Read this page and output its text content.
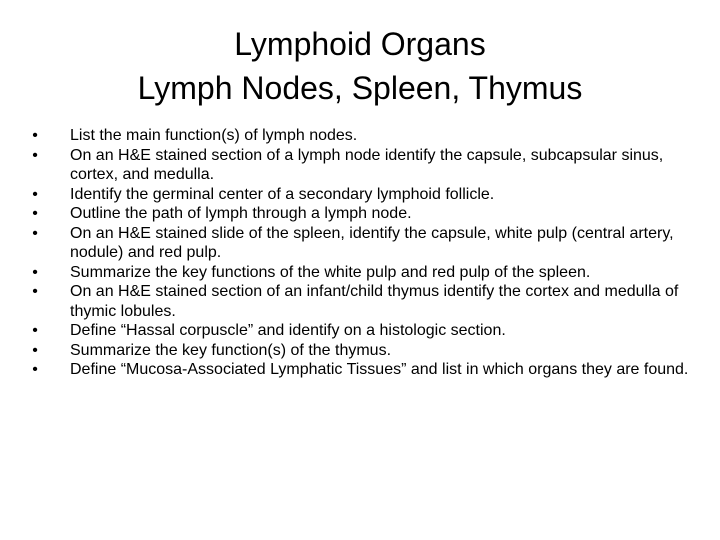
Lymphoid Organs
Lymph Nodes, Spleen, Thymus
• List the main function(s) of lymph nodes.
• On an H&E stained section of a lymph node identify the capsule, subcapsular sinus, cortex, and medulla.
• Identify the germinal center of a secondary lymphoid follicle.
• Outline the path of lymph through a lymph node.
• On an H&E stained slide of the spleen, identify the capsule, white pulp (central artery, nodule) and red pulp.
• Summarize the key functions of the white pulp and red pulp of the spleen.
• On an H&E stained section of an infant/child thymus identify the cortex and medulla of thymic lobules.
• Define “Hassal corpuscle” and identify on a histologic section.
• Summarize the key function(s) of the thymus.
• Define “Mucosa-Associated Lymphatic Tissues” and list in which organs they are found.
